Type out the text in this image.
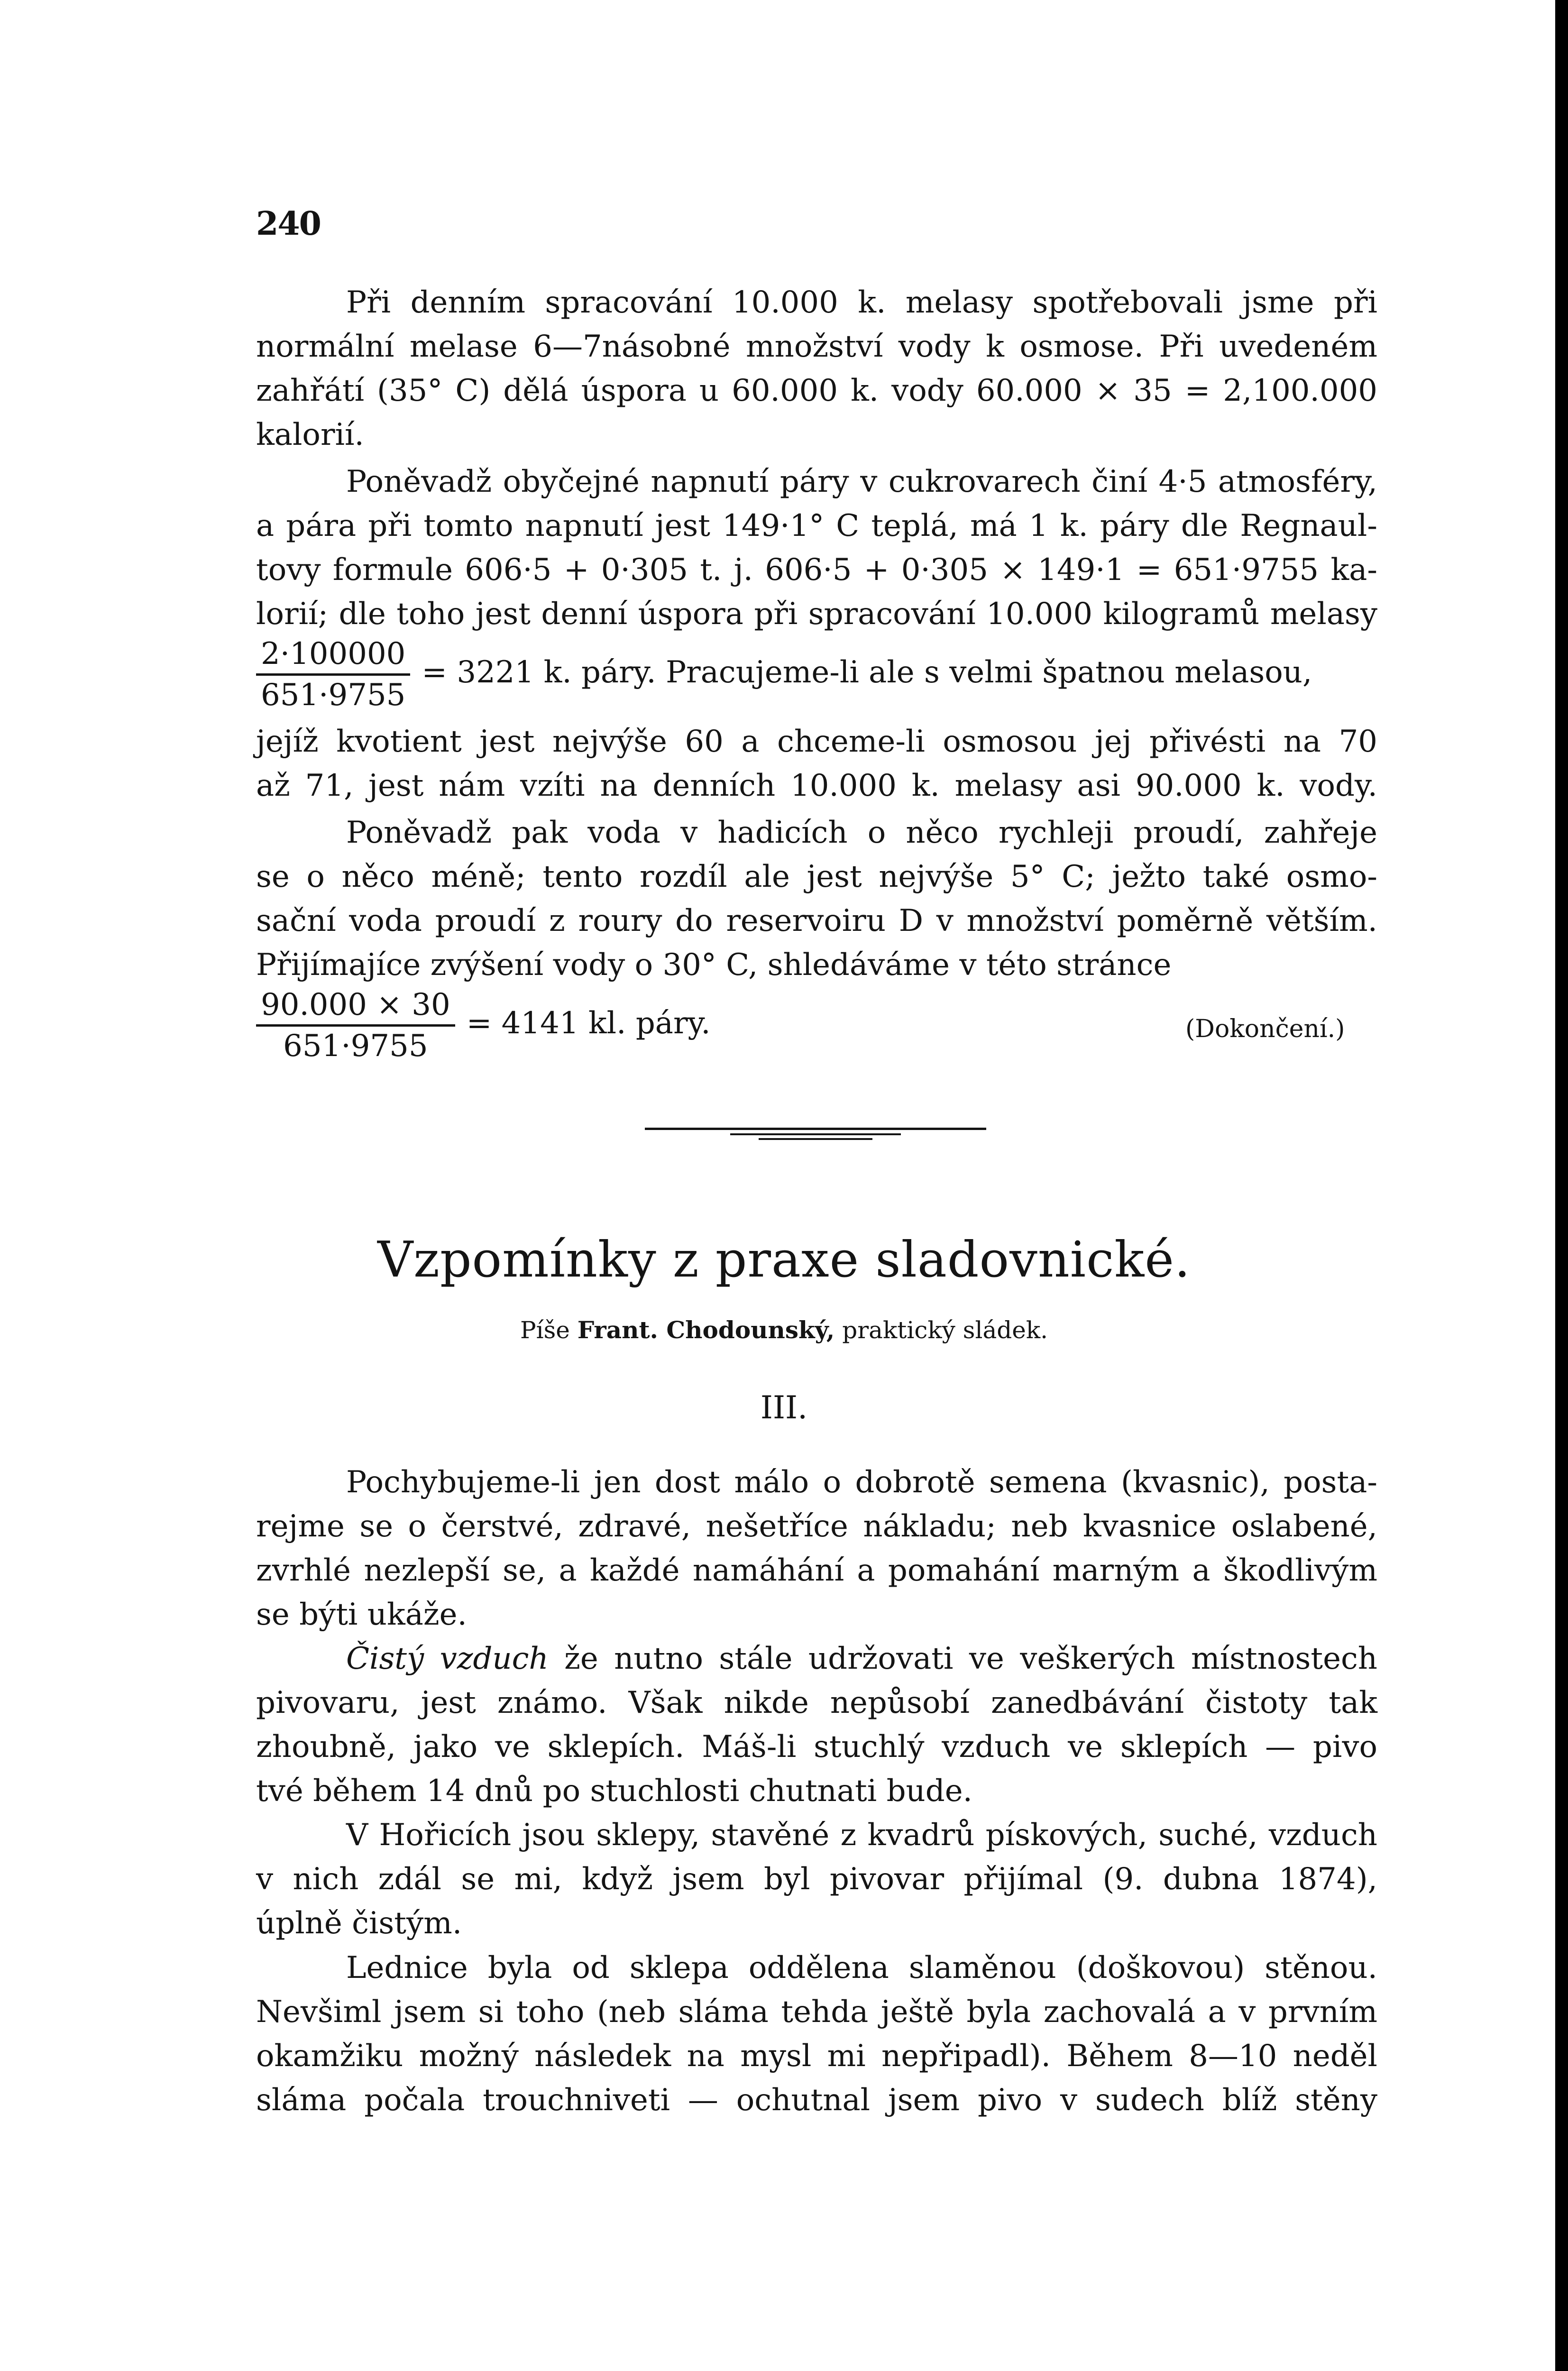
240
Při denním spracování 10.000 k. melasy spotřebovali jsme při
normální melase 6—7násobné množství vody k osmose. Při uvedeném
zahřátí (35° C) dělá úspora u 60.000 k. vody 60.000 × 35 = 2,100.000
kalorií.
Poněvadž obyčejné napnutí páry v cukrovarech činí 4·5 atmosféry,
a pára při tomto napnutí jest 149·1° C teplá, má 1 k. páry dle Regnaul-
tovy formule 606·5 + 0·305 t. j. 606·5 + 0·305 × 149·1 = 651·9755 ka-
lorií; dle toho jest denní úspora při spracování 10.000 kilogramů melasy
$\frac{2\cdot 100000}{651\cdot 9755} = 3221$ k. páry. Pracujeme-li ale s velmi špatnou melasou,
jejíž kvotient jest nejvýše 60 a chceme-li osmosou jej přivésti na 70
až 71, jest nám vzíti na denních 10.000 k. melasy asi 90.000 k. vody.
Poněvadž pak voda v hadicích o něco rychleji proudí, zahřeje
se o něco méně; tento rozdíl ale jest nejvýše 5° C; ježto také osmo-
sační voda proudí z roury do reservoiru D v množství poměrně větším.
Přijímajíce zvýšení vody o 30° C, shledáváme v této stránce
$\frac{90.000 \times 30}{651\cdot 9755} = 4141$ kl. páry.	(Dokončení.)
Vzpomínky z praxe sladovnické.
Píše Frant. Chodounský, praktický sládek.
III.
Pochybujeme-li jen dost málo o dobrotě semena (kvasnic), posta-
rejme se o čerstvé, zdravé, nešetříce nákladu; neb kvasnice oslabené,
zvrhlé nezlepší se, a každé namáhání a pomahání marným a škodlivým
se býti ukáže.
Čistý vzduch že nutno stále udržovati ve veškerých místnostech
pivovaru, jest známo. Však nikde nepůsobí zanedbávání čistoty tak
zhoubně, jako ve sklepích. Máš-li stuchlý vzduch ve sklepích — pivo
tvé během 14 dnů po stuchlosti chutnati bude.
V Hořicích jsou sklepy, stavěné z kvadrů pískových, suché, vzduch
v nich zdál se mi, když jsem byl pivovar přijímal (9. dubna 1874),
úplně čistým.
Lednice byla od sklepa oddělena slaměnou (doškovou) stěnou.
Nevšiml jsem si toho (neb sláma tehda ještě byla zachovalá a v prvním
okamžiku možný následek na mysl mi nepřipadl). Během 8—10 neděl
sláma počala trouchniveti — ochutnal jsem pivo v sudech blíž stěny
